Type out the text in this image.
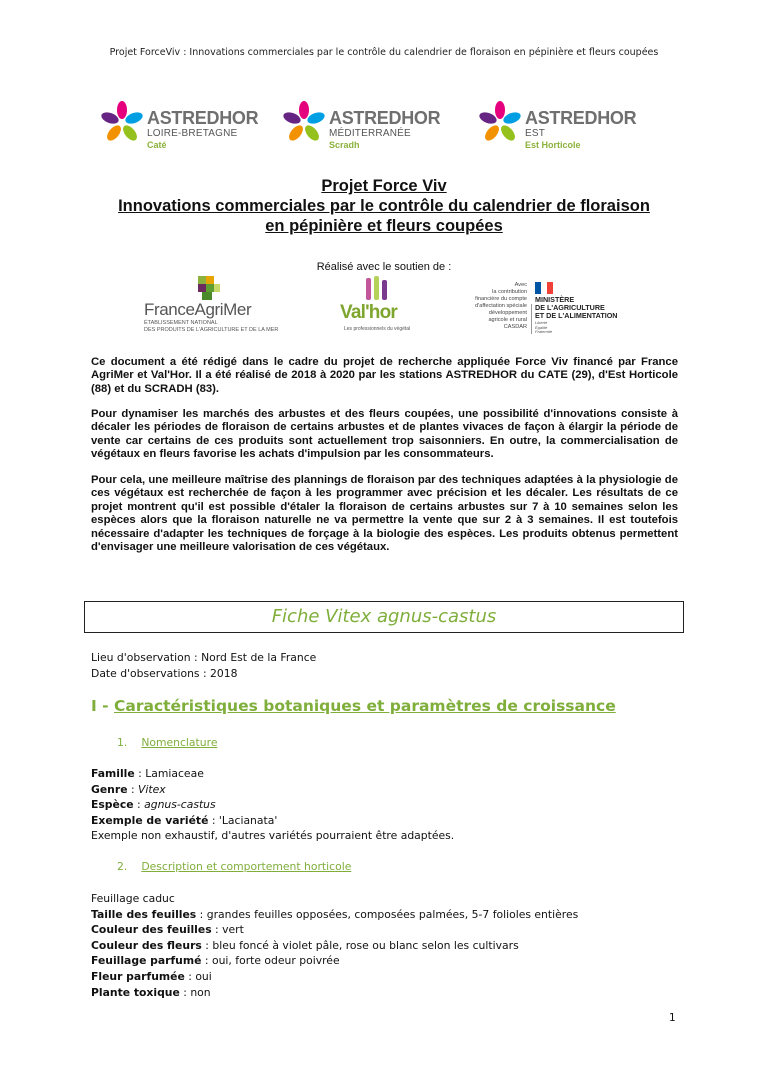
Projet ForceViv : Innovations commerciales par le contrôle du calendrier de floraison en pépinière et fleurs coupées
ASTREDHOR
LOIRE-BRETAGNE
Caté
ASTREDHOR
MÉDITERRANÉE
Scradh
ASTREDHOR
EST
Est Horticole
Projet Force Viv
Innovations commerciales par le contrôle du calendrier de floraison
en pépinière et fleurs coupées
Réalisé avec le soutien de :
FranceAgriMer
ÉTABLISSEMENT NATIONAL
DES PRODUITS DE L'AGRICULTURE ET DE LA MER
Val'hor
Les professionnels du végétal
Avec
la contribution
financière du compte
d'affectation spéciale
développement
agricole et rural
CASDAR
MINISTÈRE
DE L'AGRICULTURE
ET DE L'ALIMENTATION
Liberté
Égalité
Fraternité
Ce document a été rédigé dans le cadre du projet de recherche appliquée Force Viv financé par France AgriMer et Val'Hor. Il a été réalisé de 2018 à 2020 par les stations ASTREDHOR du CATE (29), d'Est Horticole (88) et du SCRADH (83).
Pour dynamiser les marchés des arbustes et des fleurs coupées, une possibilité d'innovations consiste à décaler les périodes de floraison de certains arbustes et de plantes vivaces de façon à élargir la période de vente car certains de ces produits sont actuellement trop saisonniers. En outre, la commercialisation de végétaux en fleurs favorise les achats d'impulsion par les consommateurs.
Pour cela, une meilleure maîtrise des plannings de floraison par des techniques adaptées à la physiologie de ces végétaux est recherchée de façon à les programmer avec précision et les décaler. Les résultats de ce projet montrent qu'il est possible d'étaler la floraison de certains arbustes sur 7 à 10 semaines selon les espèces alors que la floraison naturelle ne va permettre la vente que sur 2 à 3 semaines. Il est toutefois nécessaire d'adapter les techniques de forçage à la biologie des espèces. Les produits obtenus permettent d'envisager une meilleure valorisation de ces végétaux.
Fiche Vitex agnus-castus
Lieu d'observation : Nord Est de la France
Date d'observations : 2018
I - Caractéristiques botaniques et paramètres de croissance
1. Nomenclature
Famille : Lamiaceae
Genre : Vitex
Espèce : agnus-castus
Exemple de variété : 'Lacianata'
Exemple non exhaustif, d'autres variétés pourraient être adaptées.
2. Description et comportement horticole
Feuillage caduc
Taille des feuilles : grandes feuilles opposées, composées palmées, 5-7 folioles entières
Couleur des feuilles : vert
Couleur des fleurs : bleu foncé à violet pâle, rose ou blanc selon les cultivars
Feuillage parfumé : oui, forte odeur poivrée
Fleur parfumée : oui
Plante toxique : non
1
